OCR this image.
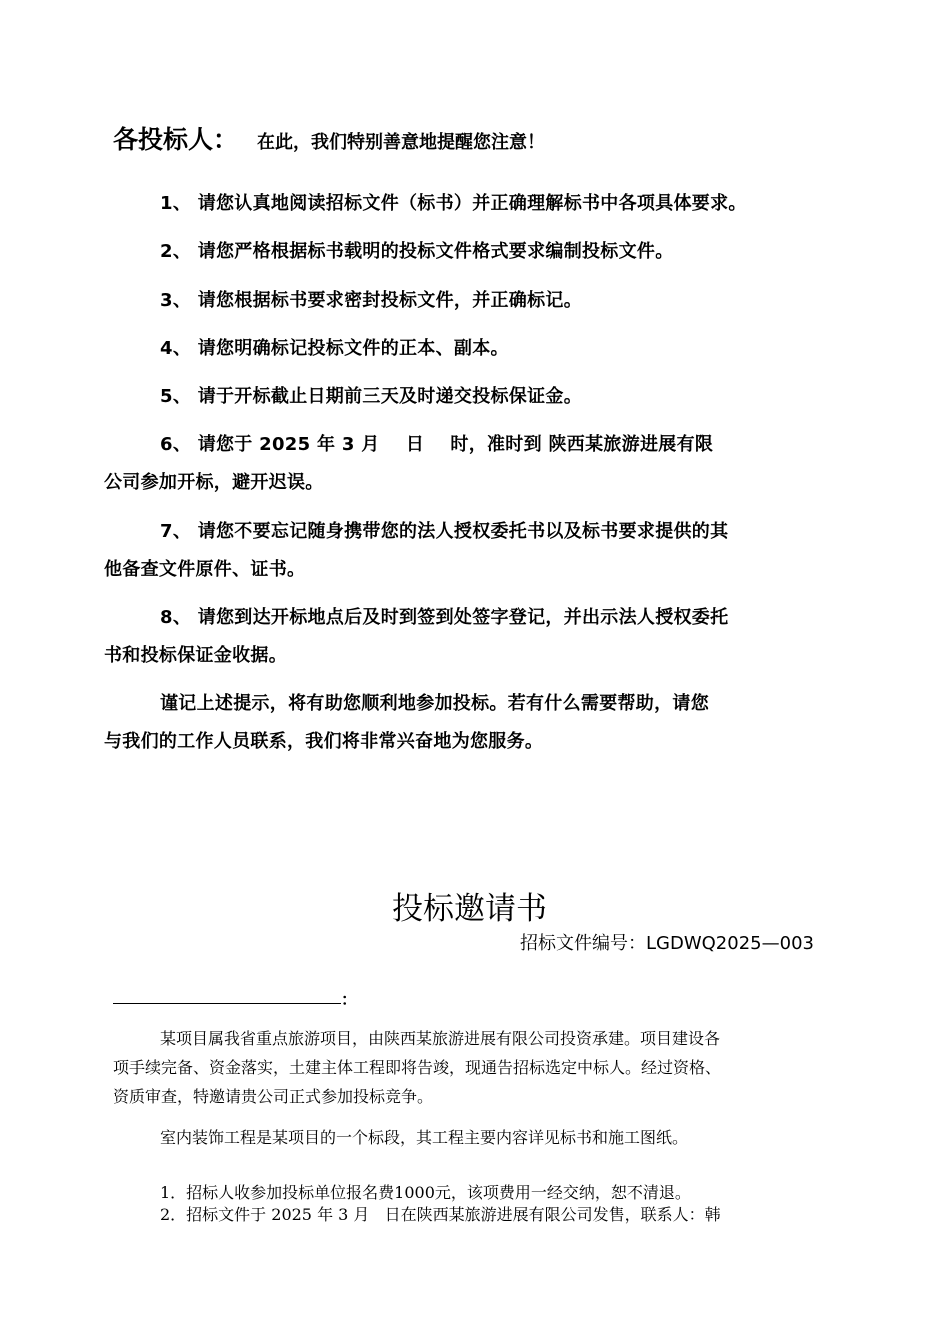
各投标人： 在此，我们特别善意地提醒您注意！
1、 请您认真地阅读招标文件（标书）并正确理解标书中各项具体要求。
2、 请您严格根据标书载明的投标文件格式要求编制投标文件。
3、 请您根据标书要求密封投标文件，并正确标记。
4、 请您明确标记投标文件的正本、副本。
5、 请于开标截止日期前三天及时递交投标保证金。
6、 请您于 2025 年 3 月    日    时，准时到 陕西某旅游进展有限
公司参加开标，避开迟误。
7、 请您不要忘记随身携带您的法人授权委托书以及标书要求提供的其
他备查文件原件、证书。
8、 请您到达开标地点后及时到签到处签字登记，并出示法人授权委托
书和投标保证金收据。
谨记上述提示，将有助您顺利地参加投标。若有什么需要帮助，请您
与我们的工作人员联系，我们将非常兴奋地为您服务。
投标邀请书
招标文件编号：LGDWQ2025—003
：
某项目属我省重点旅游项目，由陕西某旅游进展有限公司投资承建。项目建设各
项手续完备、资金落实，土建主体工程即将告竣，现通告招标选定中标人。经过资格、
资质审查，特邀请贵公司正式参加投标竞争。
室内装饰工程是某项目的一个标段，其工程主要内容详见标书和施工图纸。
1．招标人收参加投标单位报名费1000元，该项费用一经交纳，恕不清退。
2．招标文件于 2025 年 3 月   日在陕西某旅游进展有限公司发售，联系人：韩
